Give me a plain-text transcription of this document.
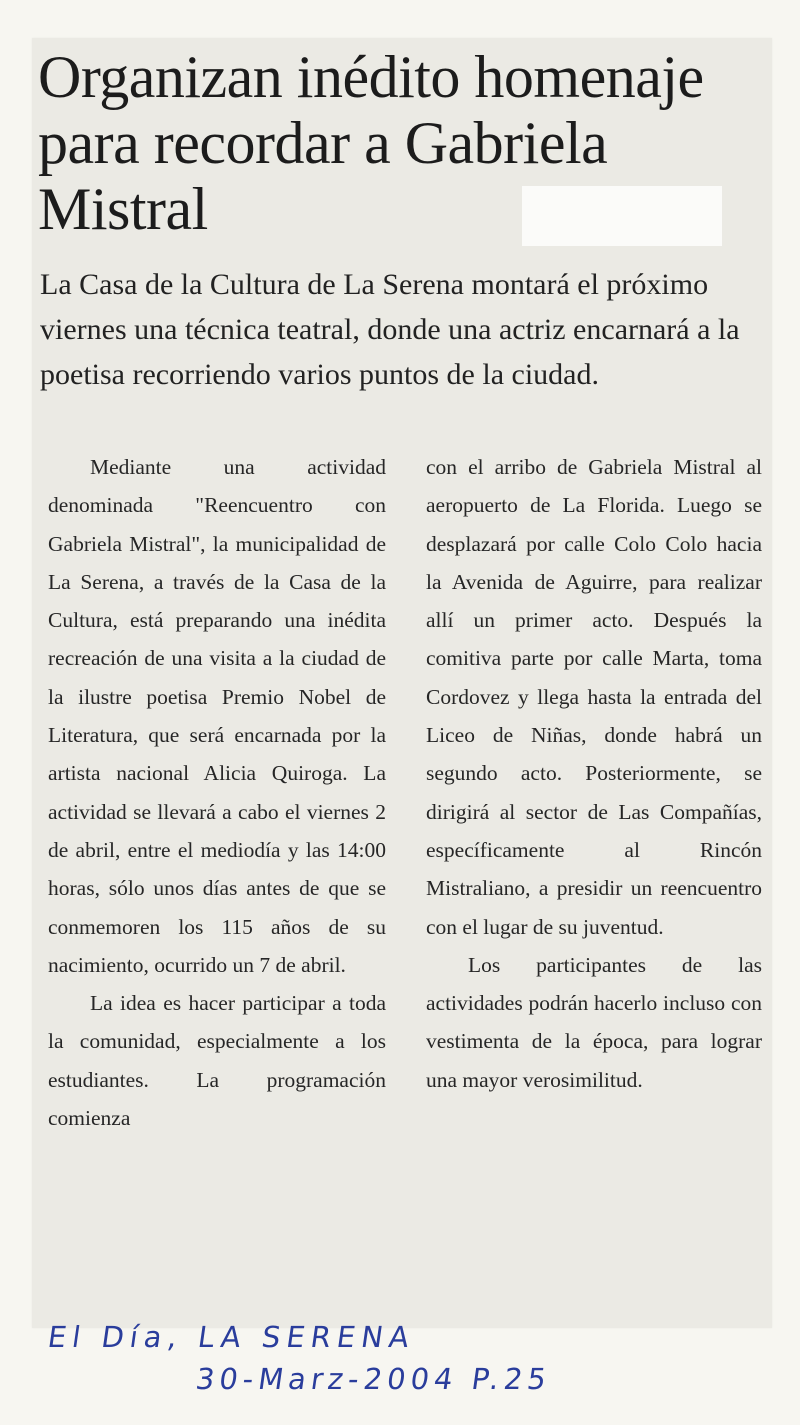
Organizan inédito homenaje para recordar a Gabriela Mistral

La Casa de la Cultura de La Serena montará el próximo viernes una técnica teatral, donde una actriz encarnará a la poetisa recorriendo varios puntos de la ciudad.

Mediante una actividad denominada "Reencuentro con Gabriela Mistral", la municipalidad de La Serena, a través de la Casa de la Cultura, está preparando una inédita recreación de una visita a la ciudad de la ilustre poetisa Premio Nobel de Literatura, que será encarnada por la artista nacional Alicia Quiroga. La actividad se llevará a cabo el viernes 2 de abril, entre el mediodía y las 14:00 horas, sólo unos días antes de que se conmemoren los 115 años de su nacimiento, ocurrido un 7 de abril.

La idea es hacer participar a toda la comunidad, especialmente a los estudiantes. La programación comienza

con el arribo de Gabriela Mistral al aeropuerto de La Florida. Luego se desplazará por calle Colo Colo hacia la Avenida de Aguirre, para realizar allí un primer acto. Después la comitiva parte por calle Marta, toma Cordovez y llega hasta la entrada del Liceo de Niñas, donde habrá un segundo acto. Posteriormente, se dirigirá al sector de Las Compañías, específicamente al Rincón Mistraliano, a presidir un reencuentro con el lugar de su juventud.

Los participantes de las actividades podrán hacerlo incluso con vestimenta de la época, para lograr una mayor verosimilitud.

El Día, LA SERENA
30-Marz-2004 P.25
